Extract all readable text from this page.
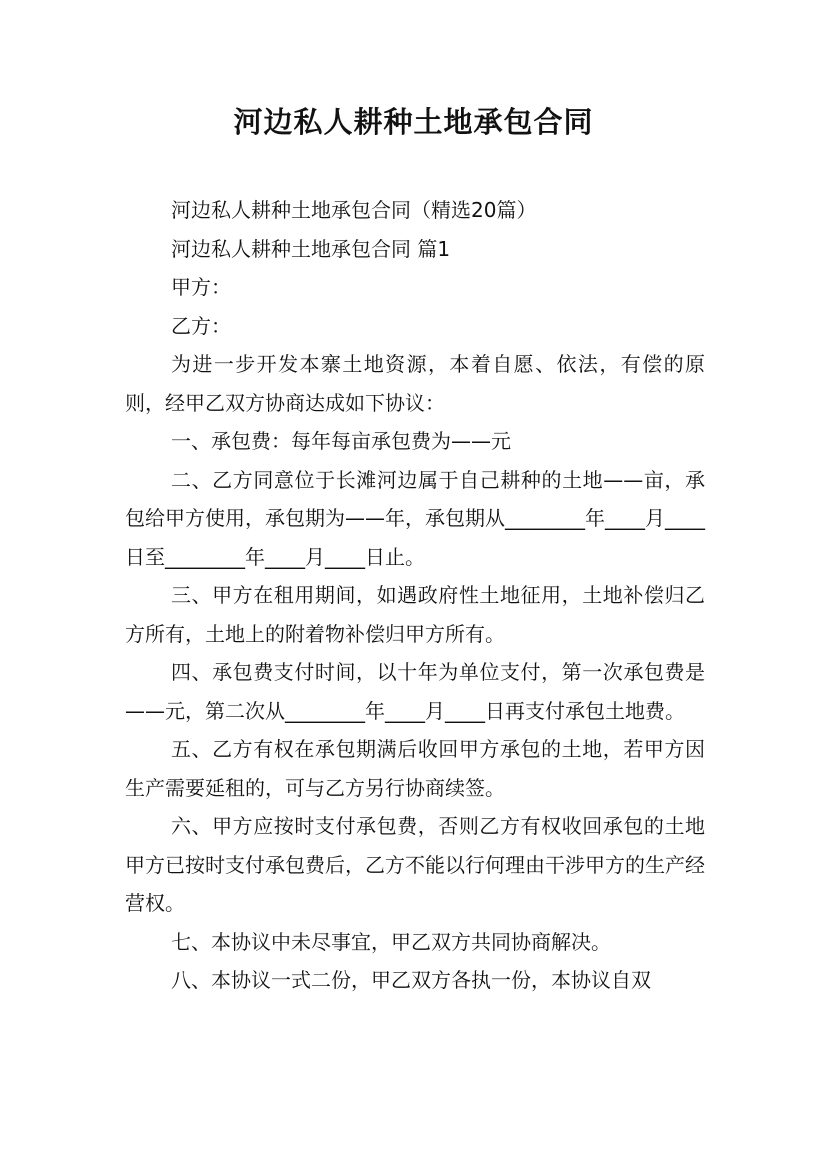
河边私人耕种土地承包合同

河边私人耕种土地承包合同（精选20篇）

河边私人耕种土地承包合同 篇1

甲方：

乙方：

为进一步开发本寨土地资源，本着自愿、依法，有偿的原则，经甲乙双方协商达成如下协议：

一、承包费：每年每亩承包费为——元

二、乙方同意位于长滩河边属于自己耕种的土地——亩，承包给甲方使用，承包期为——年，承包期从________年____月____日至________年____月____日止。

三、甲方在租用期间，如遇政府性土地征用，土地补偿归乙方所有，土地上的附着物补偿归甲方所有。

四、承包费支付时间，以十年为单位支付，第一次承包费是——元，第二次从________年____月____日再支付承包土地费。

五、乙方有权在承包期满后收回甲方承包的土地，若甲方因生产需要延租的，可与乙方另行协商续签。

六、甲方应按时支付承包费，否则乙方有权收回承包的土地甲方已按时支付承包费后，乙方不能以行何理由干涉甲方的生产经营权。

七、本协议中未尽事宜，甲乙双方共同协商解决。

八、本协议一式二份，甲乙双方各执一份，本协议自双
